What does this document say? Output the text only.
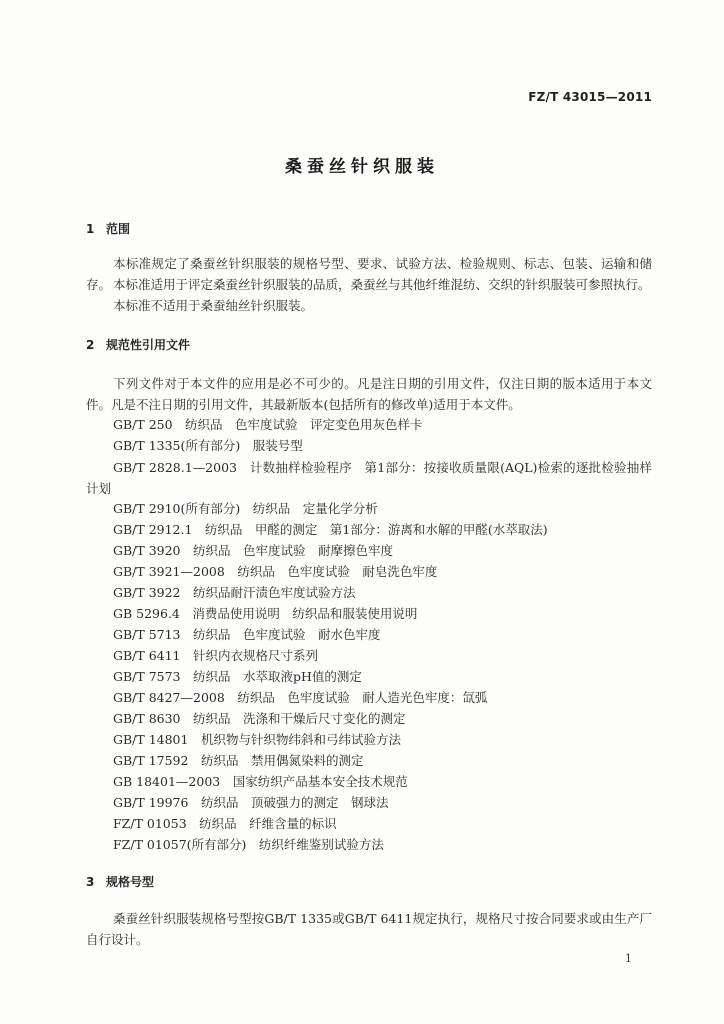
FZ/T 43015—2011
桑蚕丝针织服装
1 范围

本标准规定了桑蚕丝针织服装的规格号型、要求、试验方法、检验规则、标志、包装、运输和储存。 本标准适用于评定桑蚕丝针织服装的品质，桑蚕丝与其他纤维混纺、交织的针织服装可参照执行。

本标准不适用于桑蚕䌷丝针织服装。

2 规范性引用文件

下列文件对于本文件的应用是必不可少的。凡是注日期的引用文件，仅注日期的版本适用于本文件。凡是不注日期的引用文件，其最新版本(包括所有的修改单)适用于本文件。

GB/T 250　纺织品　色牢度试验　评定变色用灰色样卡
GB/T 1335(所有部分)　服装号型

GB/T 2828.1—2003　计数抽样检验程序　第1部分：按接收质量限(AQL)检索的逐批检验抽样计划

GB/T 2910(所有部分)　纺织品　定量化学分析
GB/T 2912.1　纺织品　甲醛的测定　第1部分：游离和水解的甲醛(水萃取法)
GB/T 3920　纺织品　色牢度试验　耐摩擦色牢度
GB/T 3921—2008　纺织品　色牢度试验　耐皂洗色牢度
GB/T 3922　纺织品耐汗渍色牢度试验方法
GB 5296.4　消费品使用说明　纺织品和服装使用说明
GB/T 5713　纺织品　色牢度试验　耐水色牢度
GB/T 6411　针织内衣规格尺寸系列
GB/T 7573　纺织品　水萃取液pH值的测定
GB/T 8427—2008　纺织品　色牢度试验　耐人造光色牢度：氙弧
GB/T 8630　纺织品　洗涤和干燥后尺寸变化的测定
GB/T 14801　机织物与针织物纬斜和弓纬试验方法
GB/T 17592　纺织品　禁用偶氮染料的测定
GB 18401—2003　国家纺织产品基本安全技术规范
GB/T 19976　纺织品　顶破强力的测定　钢球法
FZ/T 01053　纺织品　纤维含量的标识
FZ/T 01057(所有部分)　纺织纤维鉴别试验方法
3 规格号型

桑蚕丝针织服装规格号型按GB/T 1335或GB/T 6411规定执行，规格尺寸按合同要求或由生产厂自行设计。

1
